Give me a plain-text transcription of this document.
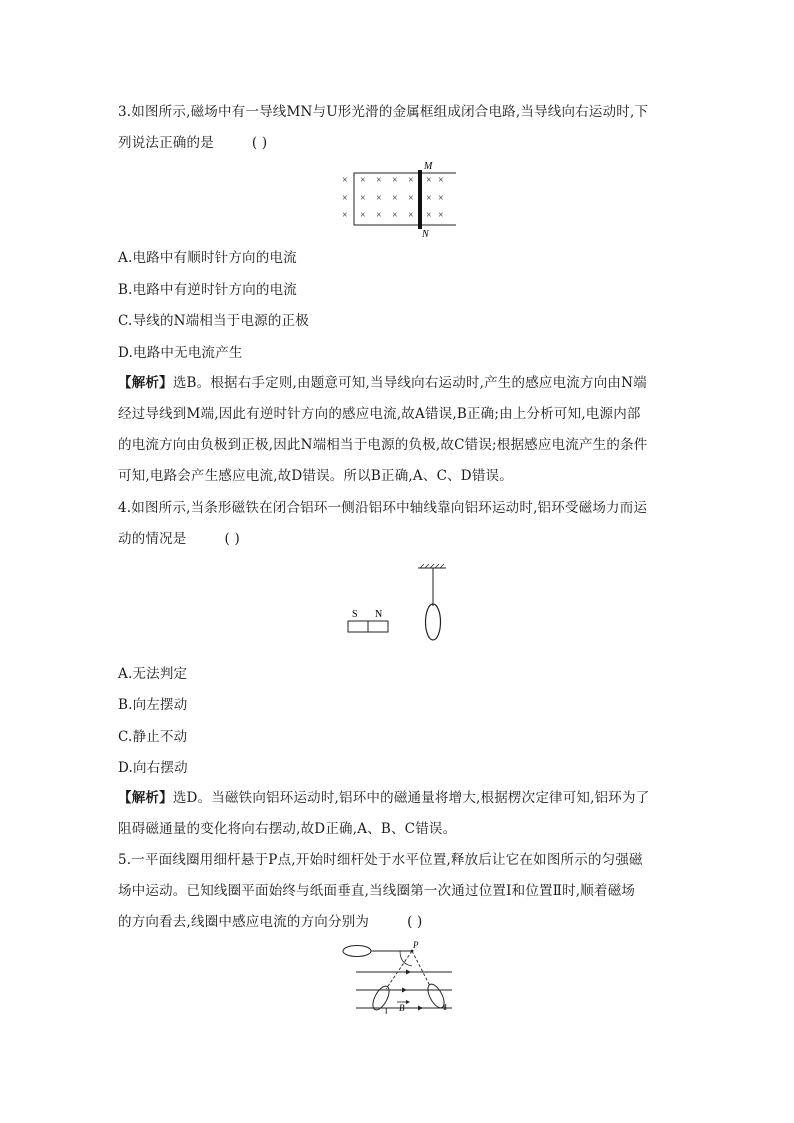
3.如图所示,磁场中有一导线MN与U形光滑的金属框组成闭合电路,当导线向右运动时,下
列说法正确的是	( )
M
N
× × × × × × ×
× × × × × × ×
× × × × × × ×
A.电路中有顺时针方向的电流
B.电路中有逆时针方向的电流
C.导线的N端相当于电源的正极
D.电路中无电流产生
【解析】选B。根据右手定则,由题意可知,当导线向右运动时,产生的感应电流方向由N端
经过导线到M端,因此有逆时针方向的感应电流,故A错误,B正确;由上分析可知,电源内部
的电流方向由负极到正极,因此N端相当于电源的负极,故C错误;根据感应电流产生的条件
可知,电路会产生感应电流,故D错误。所以B正确,A、C、D错误。
4.如图所示,当条形磁铁在闭合铝环一侧沿铝环中轴线靠向铝环运动时,铝环受磁场力而运
动的情况是	( )
S N
A.无法判定
B.向左摆动
C.静止不动
D.向右摆动
【解析】选D。当磁铁向铝环运动时,铝环中的磁通量将增大,根据楞次定律可知,铝环为了
阻碍磁通量的变化将向右摆动,故D正确,A、B、C错误。
5.一平面线圈用细杆悬于P点,开始时细杆处于水平位置,释放后让它在如图所示的匀强磁
场中运动。已知线圈平面始终与纸面垂直,当线圈第一次通过位置Ⅰ和位置Ⅱ时,顺着磁场
的方向看去,线圈中感应电流的方向分别为	( )
P
B
Ⅰ	Ⅱ
